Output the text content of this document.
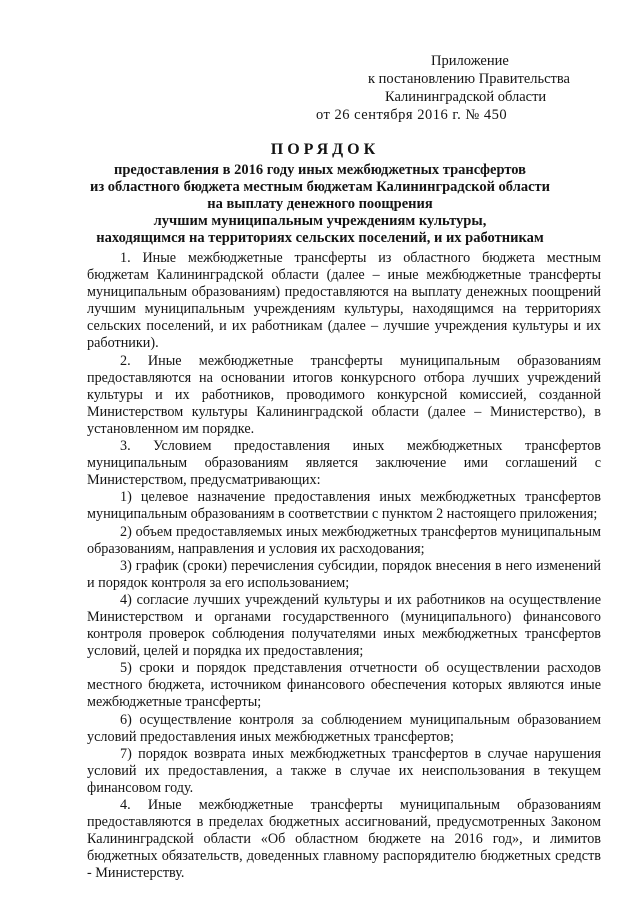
Приложение
к постановлению Правительства
Калининградской области
от 26 сентября 2016 г. № 450
ПОРЯДОК
предоставления в 2016 году иных межбюджетных трансфертов
из областного бюджета местным бюджетам Калининградской области
на выплату денежного поощрения
лучшим муниципальным учреждениям культуры,
находящимся на территориях сельских поселений, и их работникам

1. Иные межбюджетные трансферты из областного бюджета местным бюджетам Калининградской области (далее – иные межбюджетные трансферты муниципальным образованиям) предоставляются на выплату денежных поощрений лучшим муниципальным учреждениям культуры, находящимся на территориях сельских поселений, и их работникам (далее – лучшие учреждения культуры и их работники).

2. Иные межбюджетные трансферты муниципальным образованиям предоставляются на основании итогов конкурсного отбора лучших учреждений культуры и их работников, проводимого конкурсной комиссией, созданной Министерством культуры Калининградской области (далее – Министерство), в установленном им порядке.

3. Условием предоставления иных межбюджетных трансфертов муниципальным образованиям является заключение ими соглашений с Министерством, предусматривающих:

1) целевое назначение предоставления иных межбюджетных трансфертов муниципальным образованиям в соответствии с пунктом 2 настоящего приложения;

2) объем предоставляемых иных межбюджетных трансфертов муниципальным образованиям, направления и условия их расходования;

3) график (сроки) перечисления субсидии, порядок внесения в него изменений и порядок контроля за его использованием;

4) согласие лучших учреждений культуры и их работников на осуществление Министерством и органами государственного (муниципального) финансового контроля проверок соблюдения получателями иных межбюджетных трансфертов условий, целей и порядка их предоставления;

5) сроки и порядок представления отчетности об осуществлении расходов местного бюджета, источником финансового обеспечения которых являются иные межбюджетные трансферты;

6) осуществление контроля за соблюдением муниципальным образованием условий предоставления иных межбюджетных трансфертов;

7) порядок возврата иных межбюджетных трансфертов в случае нарушения условий их предоставления, а также в случае их неиспользования в текущем финансовом году.

4. Иные межбюджетные трансферты муниципальным образованиям предоставляются в пределах бюджетных ассигнований, предусмотренных Законом Калининградской области «Об областном бюджете на 2016 год», и лимитов бюджетных обязательств, доведенных главному распорядителю бюджетных средств - Министерству.
